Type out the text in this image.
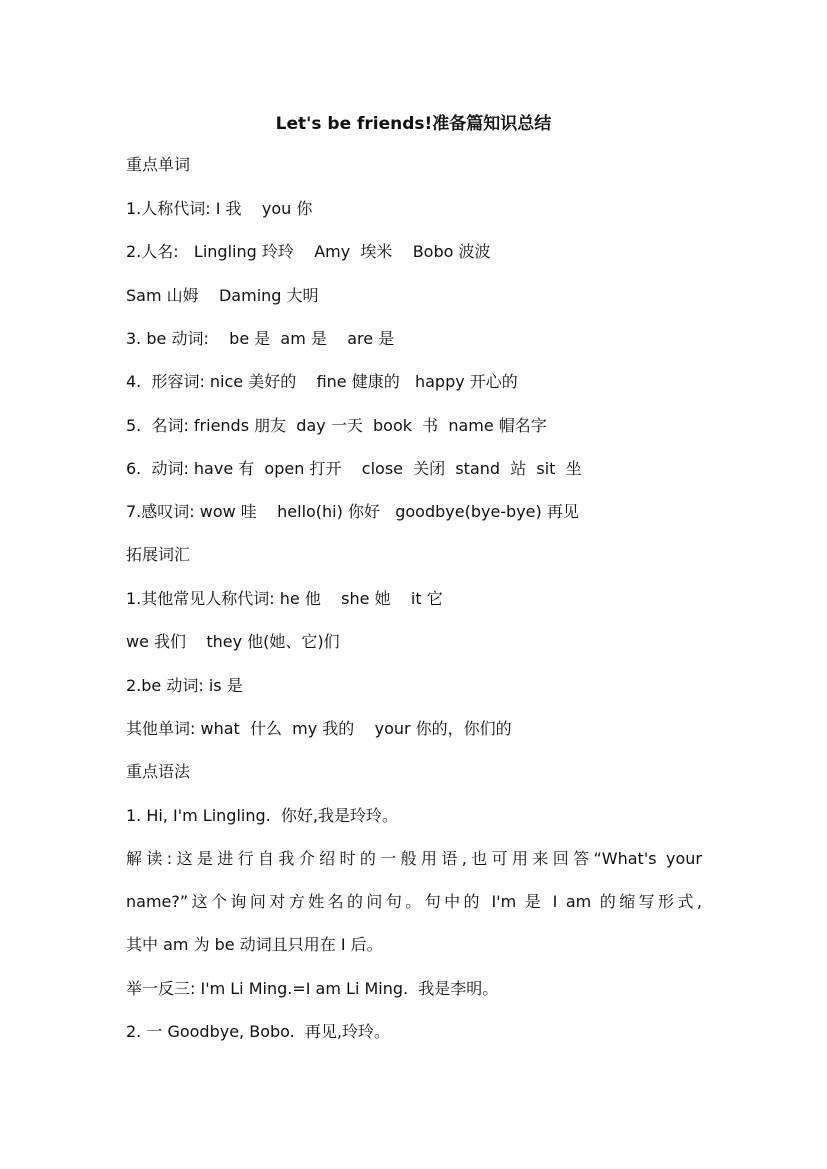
Let's be friends!准备篇知识总结
重点单词
1.人称代词: I 我    you 你
2.人名:   Lingling 玲玲    Amy  埃米    Bobo 波波
Sam 山姆    Daming 大明
3. be 动词:    be 是  am 是    are 是
4.  形容词: nice 美好的    fine 健康的   happy 开心的
5.  名词: friends 朋友  day 一天  book  书  name 帽名字
6.  动词: have 有  open 打开    close  关闭  stand  站  sit  坐
7.感叹词: wow 哇    hello(hi) 你好   goodbye(bye-bye) 再见
拓展词汇
1.其他常见人称代词: he 他    she 她    it 它
we 我们    they 他(她、它)们
2.be 动词: is 是
其他单词: what  什么  my 我的    your 你的，你们的
重点语法
1. Hi, I'm Lingling.  你好,我是玲玲。
解读:这是进行自我介绍时的一般用语,也可用来回答“What's your
name?”这个询问对方姓名的问句。句中的 I'm 是 I am 的缩写形式,
其中 am 为 be 动词且只用在 I 后。
举一反三: I'm Li Ming.=I am Li Ming.  我是李明。
2. 一 Goodbye, Bobo.  再见,玲玲。
